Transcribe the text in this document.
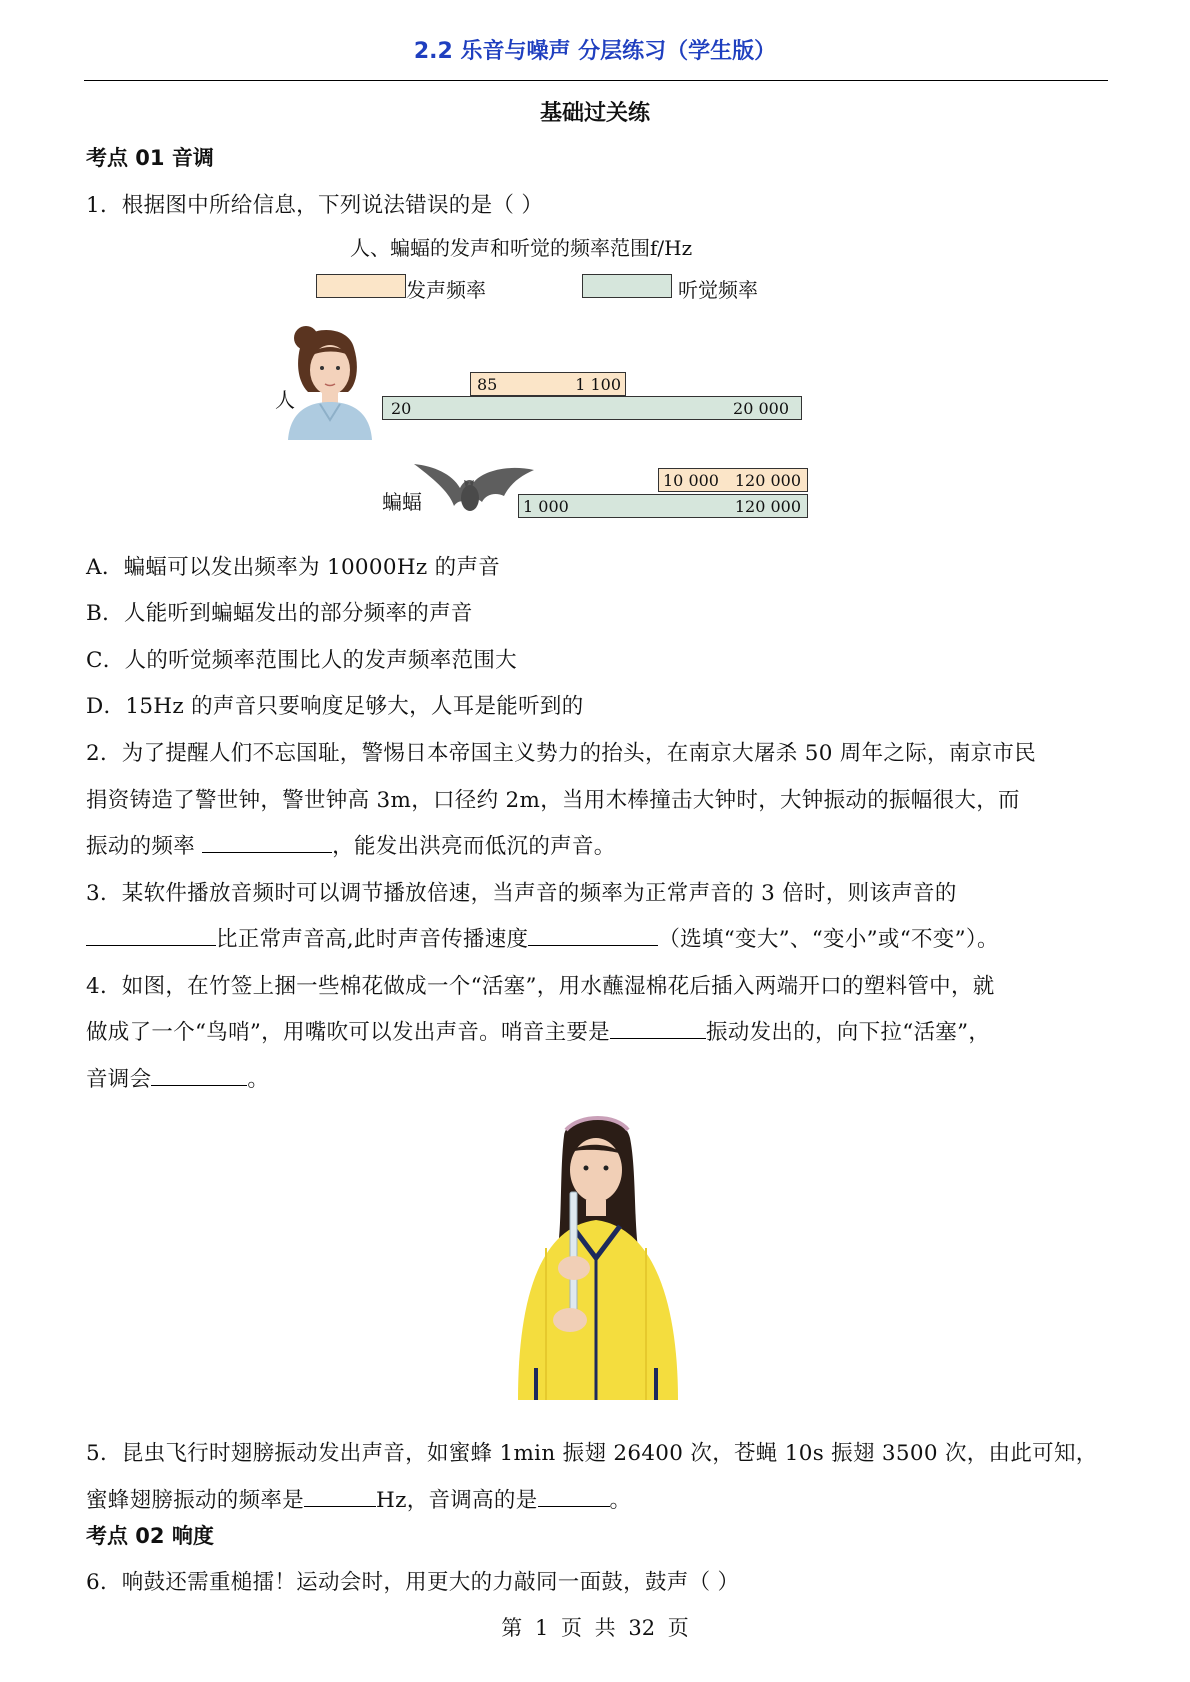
2.2 乐音与噪声 分层练习（学生版）
基础过关练
考点 01 音调
1．根据图中所给信息，下列说法错误的是（ ）
人、蝙蝠的发声和听觉的频率范围f/Hz
发声频率	听觉频率
人
85	1 100
20	20 000
蝙蝠
10 000 120 000
1 000	120 000
A．蝙蝠可以发出频率为 10000Hz 的声音
B．人能听到蝙蝠发出的部分频率的声音
C．人的听觉频率范围比人的发声频率范围大
D．15Hz 的声音只要响度足够大，人耳是能听到的
2．为了提醒人们不忘国耻，警惕日本帝国主义势力的抬头，在南京大屠杀 50 周年之际，南京市民
捐资铸造了警世钟，警世钟高 3m，口径约 2m，当用木棒撞击大钟时，大钟振动的振幅很大，而
振动的频率	，能发出洪亮而低沉的声音。
3．某软件播放音频时可以调节播放倍速，当声音的频率为正常声音的 3 倍时，则该声音的
比正常声音高,此时声音传播速度	（选填“变大”、“变小”或“不变”）。
4．如图，在竹签上捆一些棉花做成一个“活塞”，用水蘸湿棉花后插入两端开口的塑料管中，就
做成了一个“鸟哨”，用嘴吹可以发出声音。哨音主要是	振动发出的，向下拉“活塞”，
音调会	。
5．昆虫飞行时翅膀振动发出声音，如蜜蜂 1min 振翅 26400 次，苍蝇 10s 振翅 3500 次，由此可知，
蜜蜂翅膀振动的频率是	Hz，音调高的是	。
考点 02 响度
6．响鼓还需重槌擂！运动会时，用更大的力敲同一面鼓，鼓声（ ）
第 1 页 共 32 页
